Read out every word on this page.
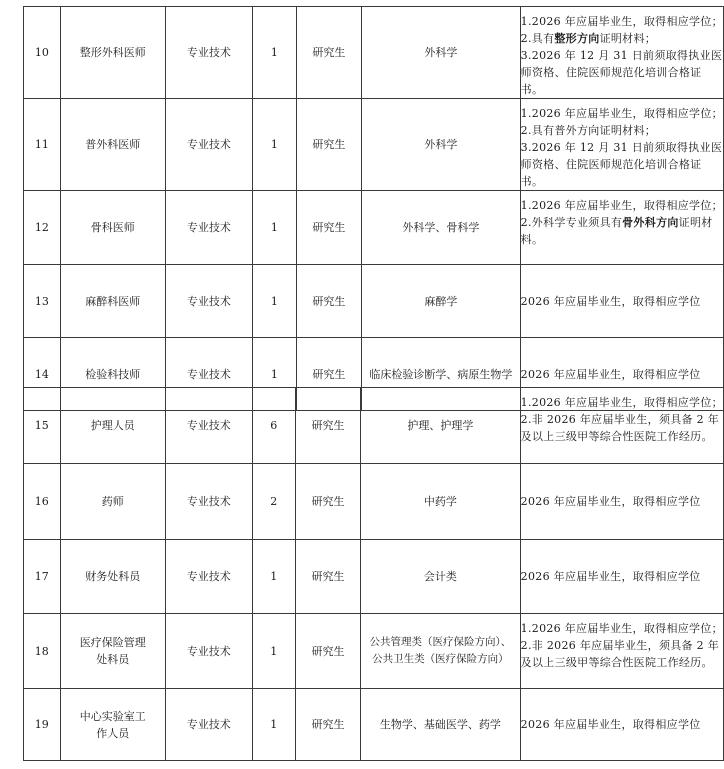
10	整形外科医师	专业技术	1	研究生	外科学	1.2026 年应届毕业生，取得相应学位；
2.具有整形方向证明材料；
3.2026 年 12 月 31 日前须取得执业医师资格、住院医师规范化培训合格证书。

11	普外科医师	专业技术	1	研究生	外科学	1.2026 年应届毕业生，取得相应学位；
2.具有普外方向证明材料；
3.2026 年 12 月 31 日前须取得执业医师资格、住院医师规范化培训合格证书。

12	骨科医师	专业技术	1	研究生	外科学、骨科学	1.2026 年应届毕业生，取得相应学位；
2.外科学专业须具有骨外科方向证明材料。

13	麻醉科医师	专业技术	1	研究生	麻醉学	2026 年应届毕业生，取得相应学位
14	检验科技师	专业技术	1	研究生	临床检验诊断学、病原生物学	2026 年应届毕业生，取得相应学位
15	护理人员	专业技术	6	研究生	护理、护理学	1.2026 年应届毕业生，取得相应学位；
2.非 2026 年应届毕业生，须具备 2 年及以上三级甲等综合性医院工作经历。

16	药师	专业技术	2	研究生	中药学	2026 年应届毕业生，取得相应学位
17	财务处科员	专业技术	1	研究生	会计类	2026 年应届毕业生，取得相应学位
18	医疗保险管理
处科员	专业技术	1	研究生	公共管理类（医疗保险方向）、
公共卫生类（医疗保险方向）	1.2026 年应届毕业生，取得相应学位；
2.非 2026 年应届毕业生，须具备 2 年及以上三级甲等综合性医院工作经历。

19	中心实验室工
作人员	专业技术	1	研究生	生物学、基础医学、药学	2026 年应届毕业生，取得相应学位
